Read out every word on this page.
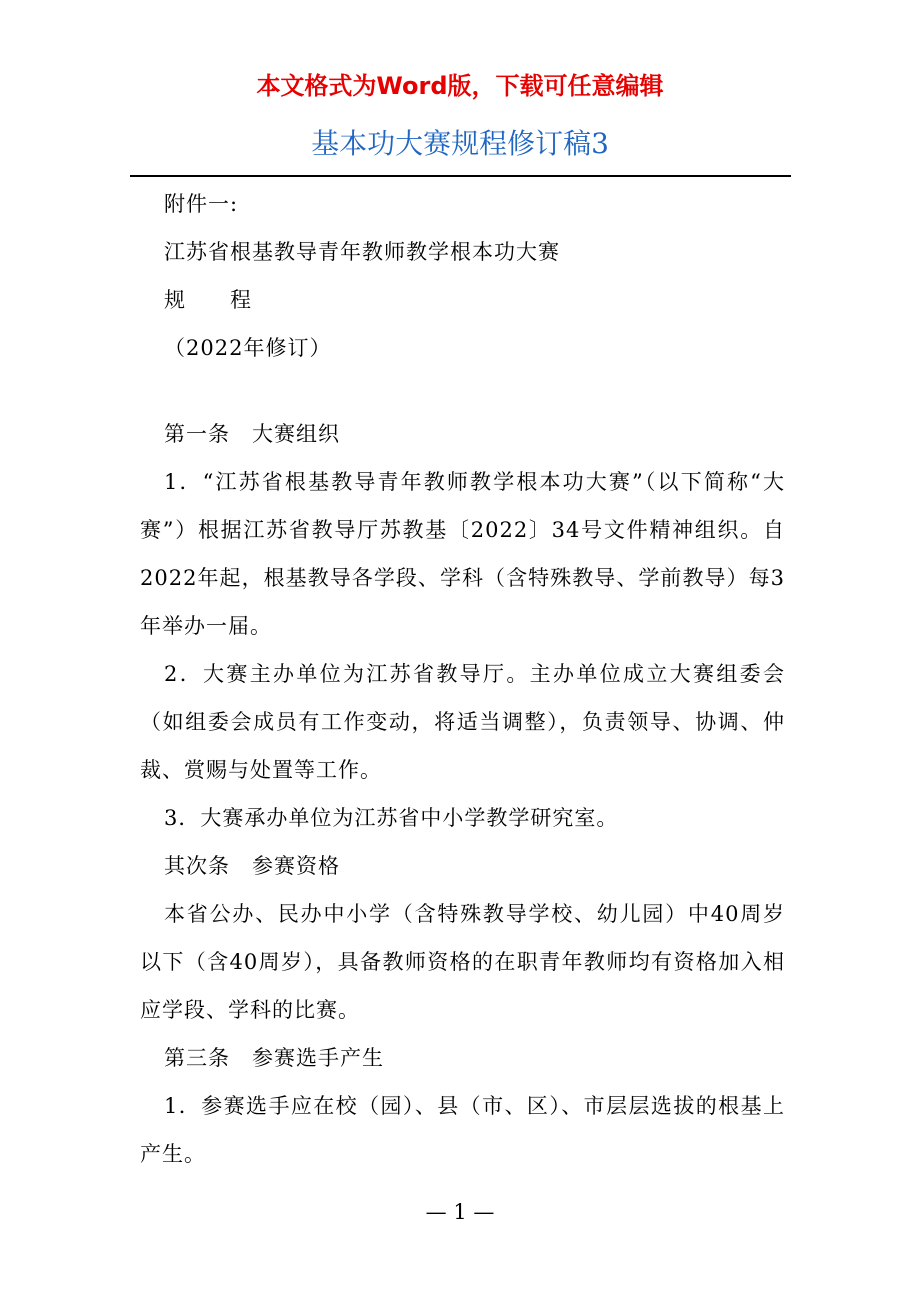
本文格式为Word版，下载可任意编辑
基本功大赛规程修订稿3

附件一:

江苏省根基教导青年教师教学根本功大赛

规　　程

（2022年修订）

第一条　大赛组织

1．“江苏省根基教导青年教师教学根本功大赛”（以下简称“大赛”）根据江苏省教导厅苏教基〔2022〕34号文件精神组织。自2022年起，根基教导各学段、学科（含特殊教导、学前教导）每3年举办一届。

2．大赛主办单位为江苏省教导厅。主办单位成立大赛组委会（如组委会成员有工作变动，将适当调整），负责领导、协调、仲裁、赏赐与处置等工作。

3．大赛承办单位为江苏省中小学教学研究室。

其次条　参赛资格

本省公办、民办中小学（含特殊教导学校、幼儿园）中40周岁以下（含40周岁），具备教师资格的在职青年教师均有资格加入相应学段、学科的比赛。

第三条　参赛选手产生

1．参赛选手应在校（园）、县（市、区）、市层层选拔的根基上产生。

— 1 —
